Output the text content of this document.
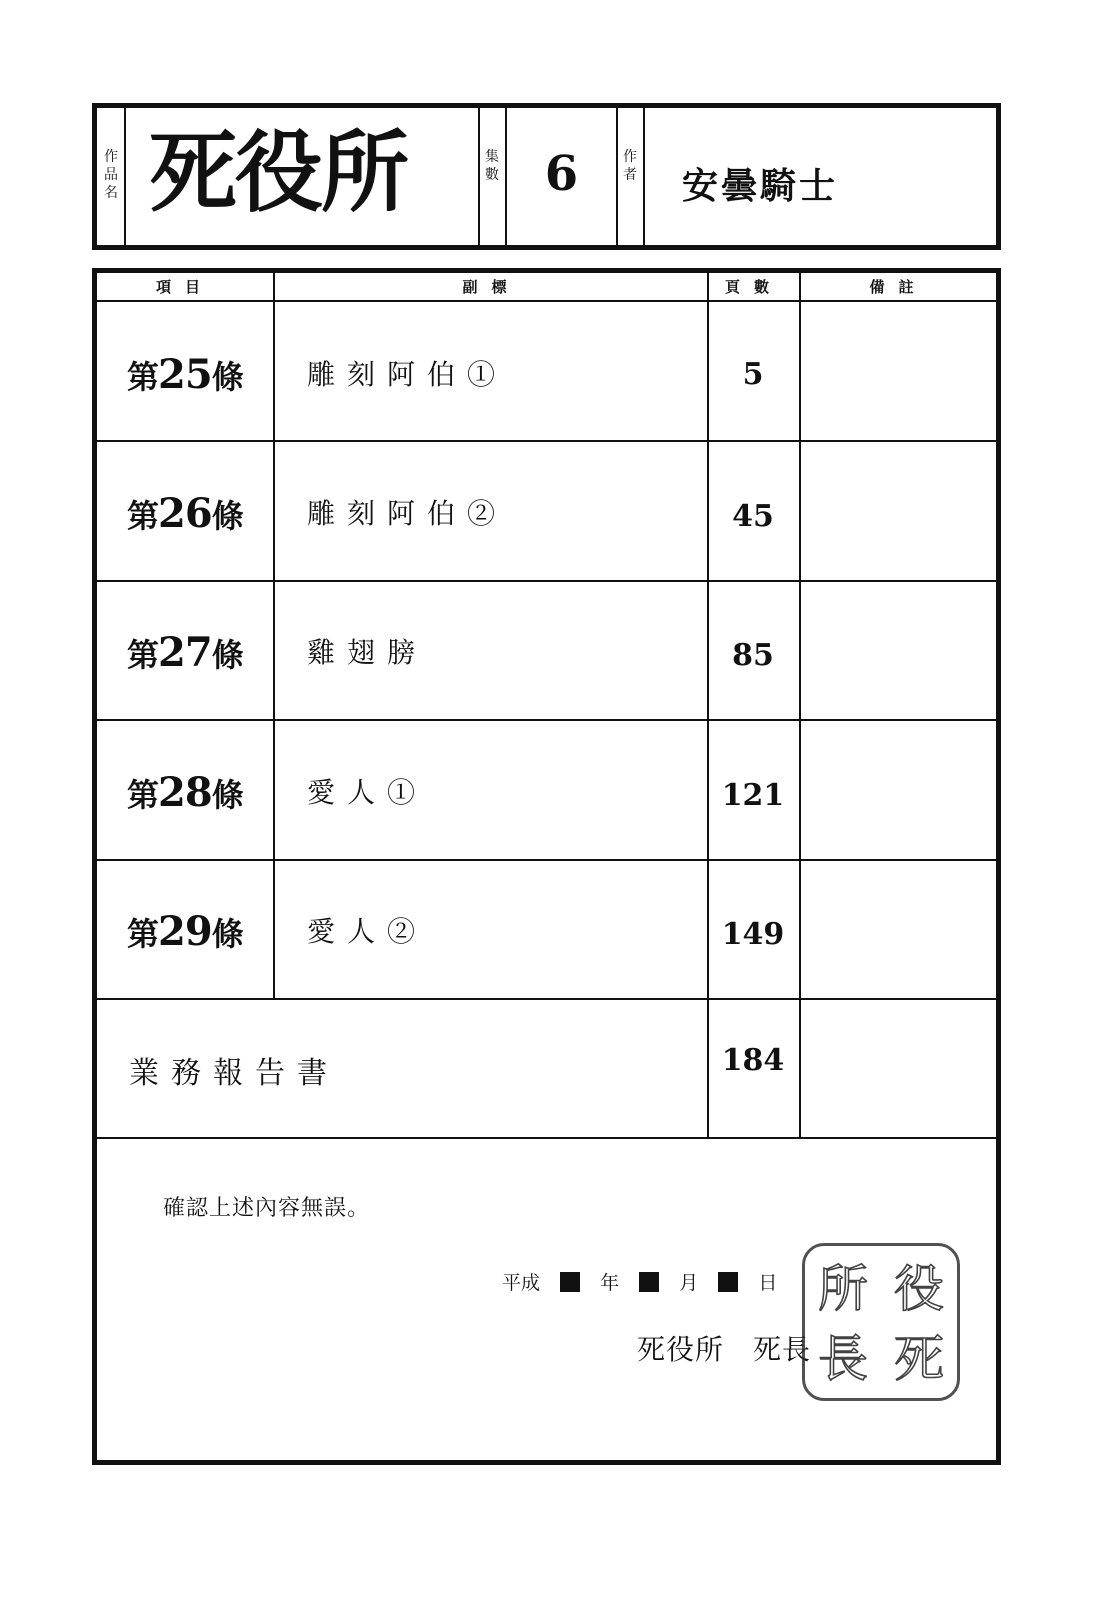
作品名 死役所	集數 6	作者 安曇騎士
項目	副標	頁數	備註
第25條 雕刻阿伯①	5
第26條 雕刻阿伯②	45
第27條 雞翅膀	85
第28條 愛人①	121
第29條 愛人②	149
業務報告書	184
確認上述內容無誤。
平成	年	月	日
死役所　死長
所 役
長 死
